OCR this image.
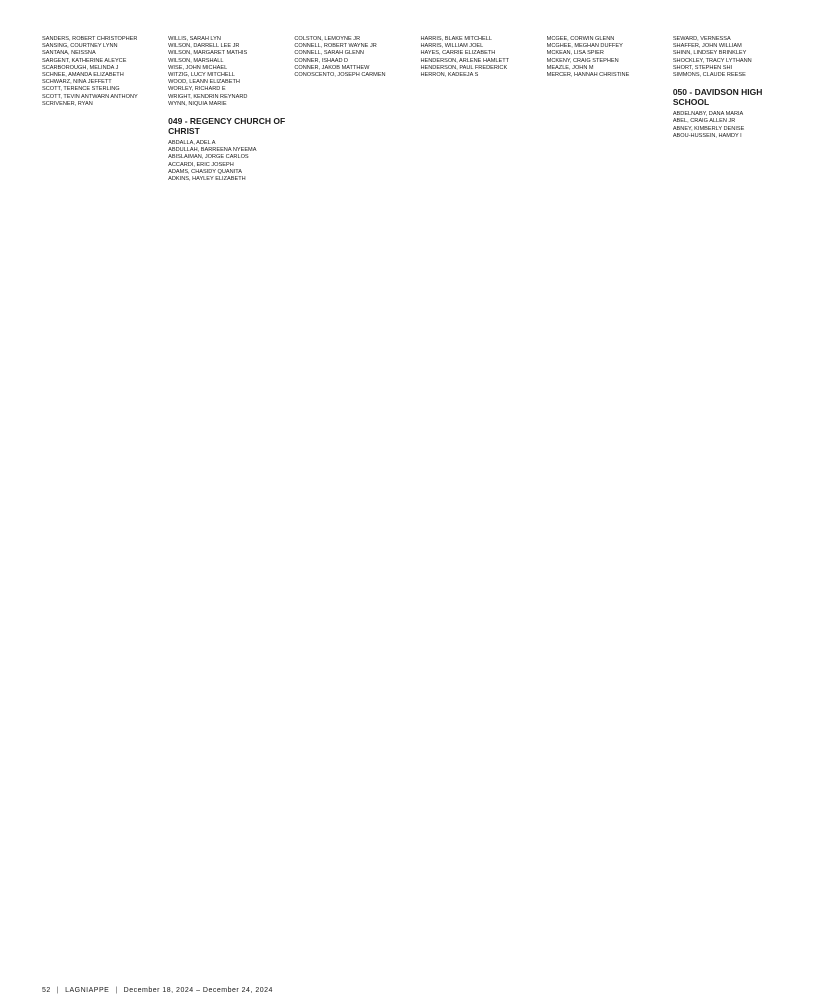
SANDERS, ROBERT CHRISTOPHER
SANSING, COURTNEY LYNN
SANTANA, NEISSNA
SARGENT, KATHERINE ALEYCE
SCARBOROUGH, MELINDA J
SCHNEE, AMANDA ELIZABETH
SCHWARZ, NINA JEFFETT
SCOTT, TERENCE STERLING
SCOTT, TEVIN ANTWARN ANTHONY
SCRIVENER, RYAN
WILLIS, SARAH LYN
WILSON, DARRELL LEE JR
WILSON, MARGARET MATHIS
WILSON, MARSHALL
WISE, JOHN MICHAEL
WITZIG, LUCY MITCHELL
WOOD, LEANN ELIZABETH
WORLEY, RICHARD E
WRIGHT, KENDRIN REYNARD
WYNN, NIQUIA MARIE
049 - REGENCY CHURCH OF CHRIST
ABDALLA, ADEL A
ABDULLAH, BARREENA NYEEMA
ABISLAIMAN, JORGE CARLOS
ACCARDI, ERIC JOSEPH
ADAMS, CHASIDY QUANITA
ADKINS, HAYLEY ELIZABETH
COLSTON, LEMOYNE JR
CONNELL, ROBERT WAYNE JR
CONNELL, SARAH GLENN
CONNER, ISHAAD D
CONNER, JAKOB MATTHEW
CONOSCENTO, JOSEPH CARMEN
HARRIS, BLAKE MITCHELL
HARRIS, WILLIAM JOEL
HAYES, CARRIE ELIZABETH
HENDERSON, ARLENE HAMLETT
HENDERSON, PAUL FREDERICK
HERRON, KADEEJA S
MCGEE, CORWIN GLENN
MCGHEE, MEGHAN DUFFEY
MCKEAN, LISA SPIER
MCKENY, CRAIG STEPHEN
MEAZLE, JOHN M
MERCER, HANNAH CHRISTINE
SEWARD, VERNESSA
SHAFFER, JOHN WILLIAM
SHINN, LINDSEY BRINKLEY
SHOCKLEY, TRACY LYTHANN
SHORT, STEPHEN SHI
SIMMONS, CLAUDE REESE
050 - DAVIDSON HIGH SCHOOL
ABDELNABY, DANA MARIA
ABEL, CRAIG ALLEN JR
ABNEY, KIMBERLY DENISE
ABOU-HUSSEIN, HAMDY I
52 | LAGNIAPPE | December 18, 2024 – December 24, 2024
